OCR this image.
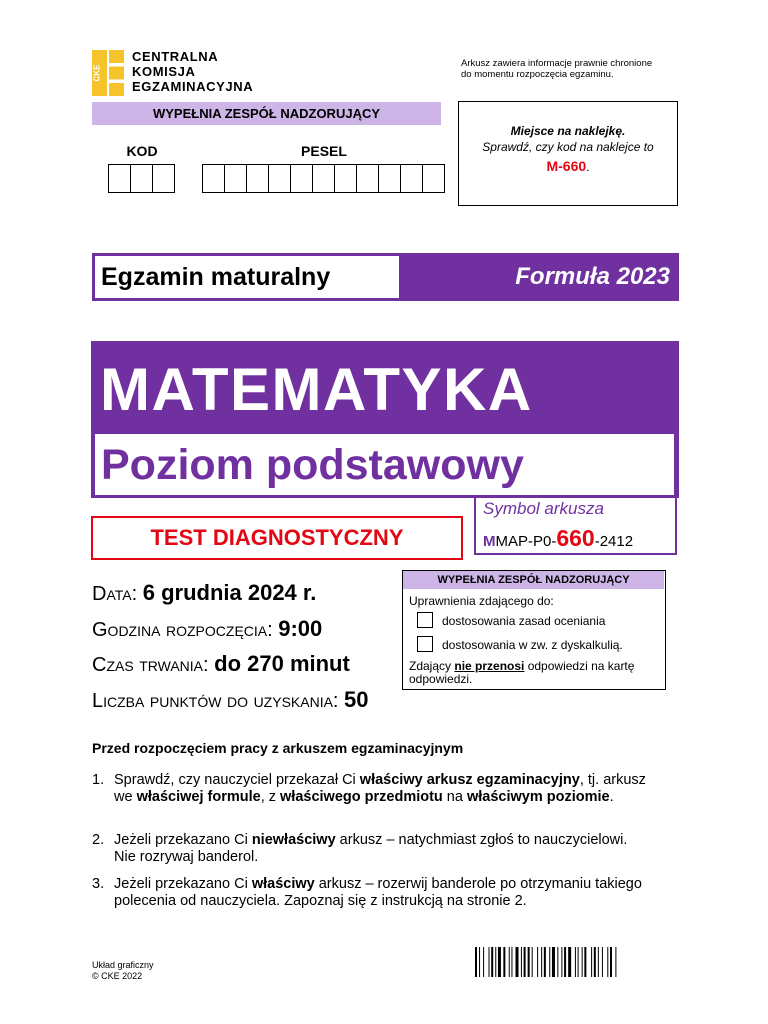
CKE
CENTRALNA
KOMISJA
EGZAMINACYJNA
Arkusz zawiera informacje prawnie chronione
do momentu rozpoczęcia egzaminu.
WYPEŁNIA ZESPÓŁ NADZORUJĄCY
KOD	PESEL
Miejsce na naklejkę.
Sprawdź, czy kod na naklejce to
M-660.
Egzamin maturalny	Formuła 2023
MATEMATYKA
Poziom podstawowy
Symbol arkusza
MMAP-P0-660-2412
TEST DIAGNOSTYCZNY
Data: 6 grudnia 2024 r.
Godzina rozpoczęcia: 9:00
Czas trwania: do 270 minut
Liczba punktów do uzyskania: 50
WYPEŁNIA ZESPÓŁ NADZORUJĄCY
Uprawnienia zdającego do:
dostosowania zasad oceniania
dostosowania w zw. z dyskalkulią.
Zdający nie przenosi odpowiedzi na kartę odpowiedzi.
Przed rozpoczęciem pracy z arkuszem egzaminacyjnym
1. Sprawdź, czy nauczyciel przekazał Ci właściwy arkusz egzaminacyjny, tj. arkusz we właściwej formule, z właściwego przedmiotu na właściwym poziomie.
2. Jeżeli przekazano Ci niewłaściwy arkusz – natychmiast zgłoś to nauczycielowi. Nie rozrywaj banderol.
3. Jeżeli przekazano Ci właściwy arkusz – rozerwij banderole po otrzymaniu takiego polecenia od nauczyciela. Zapoznaj się z instrukcją na stronie 2.
Układ graficzny
© CKE 2022
